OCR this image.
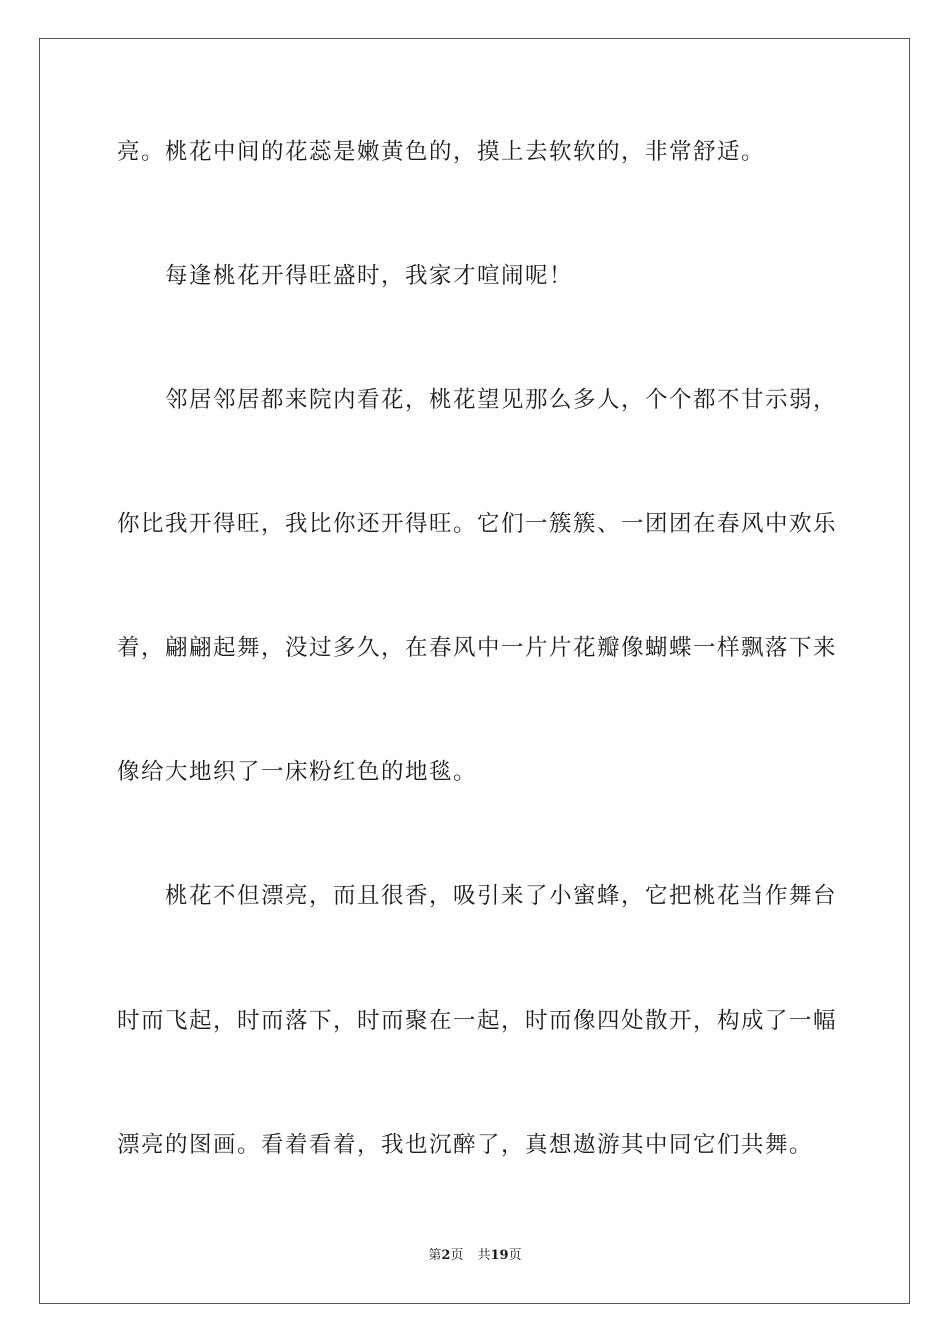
亮。桃花中间的花蕊是嫩黄色的，摸上去软软的，非常舒适。
每逢桃花开得旺盛时，我家才喧闹呢！
邻居邻居都来院内看花，桃花望见那么多人，个个都不甘示弱，
你比我开得旺，我比你还开得旺。它们一簇簇、一团团在春风中欢乐
着，翩翩起舞，没过多久，在春风中一片片花瓣像蝴蝶一样飘落下来
像给大地织了一床粉红色的地毯。
桃花不但漂亮，而且很香，吸引来了小蜜蜂，它把桃花当作舞台
时而飞起，时而落下，时而聚在一起，时而像四处散开，构成了一幅
漂亮的图画。看着看着，我也沉醉了，真想遨游其中同它们共舞。
第2页 共19页
